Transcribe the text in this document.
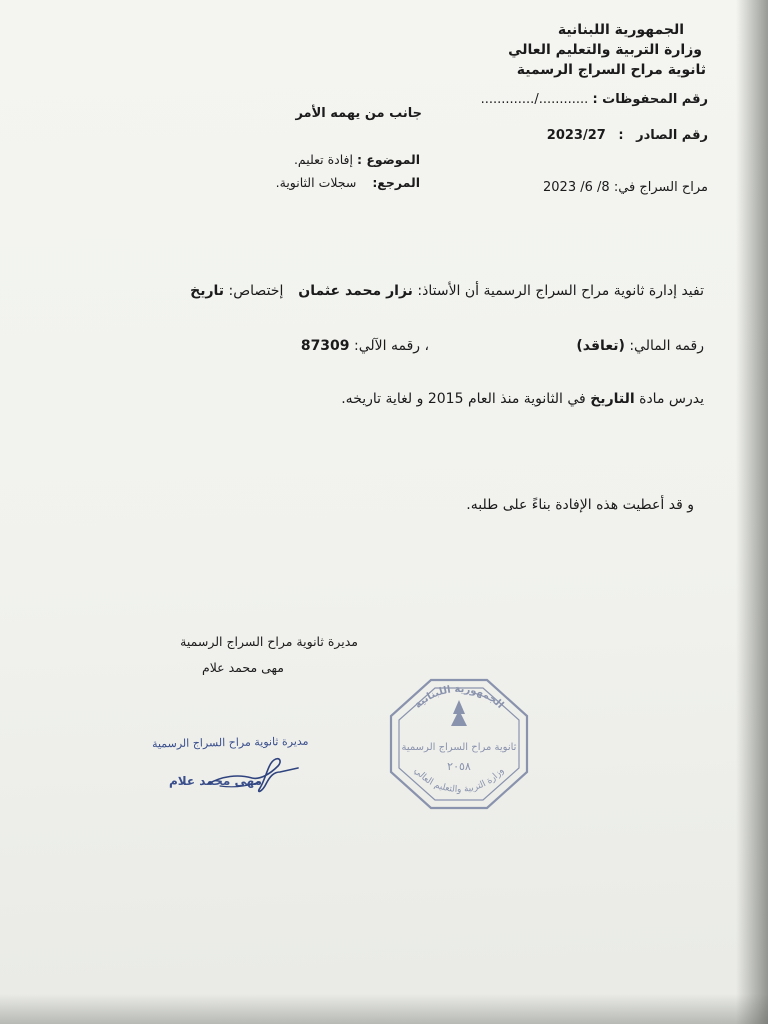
الجمهورية اللبنانية
وزارة التربية والتعليم العالي
ثانوية مراح السراج الرسمية
رقم المحفوظات : ............/.............
رقم الصادر : 2023/27
مراح السراج في: 8/ 6/ 2023
جانب من يهمه الأمر
الموضوع : إفادة تعليم.
المرجع:  سجلات الثانوية.
تفيد إدارة ثانوية مراح السراج الرسمية أن الأستاذ: نزار محمد عثمان  إختصاص: تاريخ
رقمه المالي: (تعاقد)
، رقمه الآلي: 87309
يدرس مادة التاريخ في الثانوية منذ العام 2015 و لغاية تاريخه.
و قد أعطيت هذه الإفادة بناءً على طلبه.
مديرة ثانوية مراح السراج الرسمية
مهى محمد علام
مديرة ثانوية مراح السراج الرسمية
مهى محمد علام
الجمهورية اللبنانية
ثانوية مراح السراج الرسمية
٢٠٥٨
وزارة التربية والتعليم العالي
